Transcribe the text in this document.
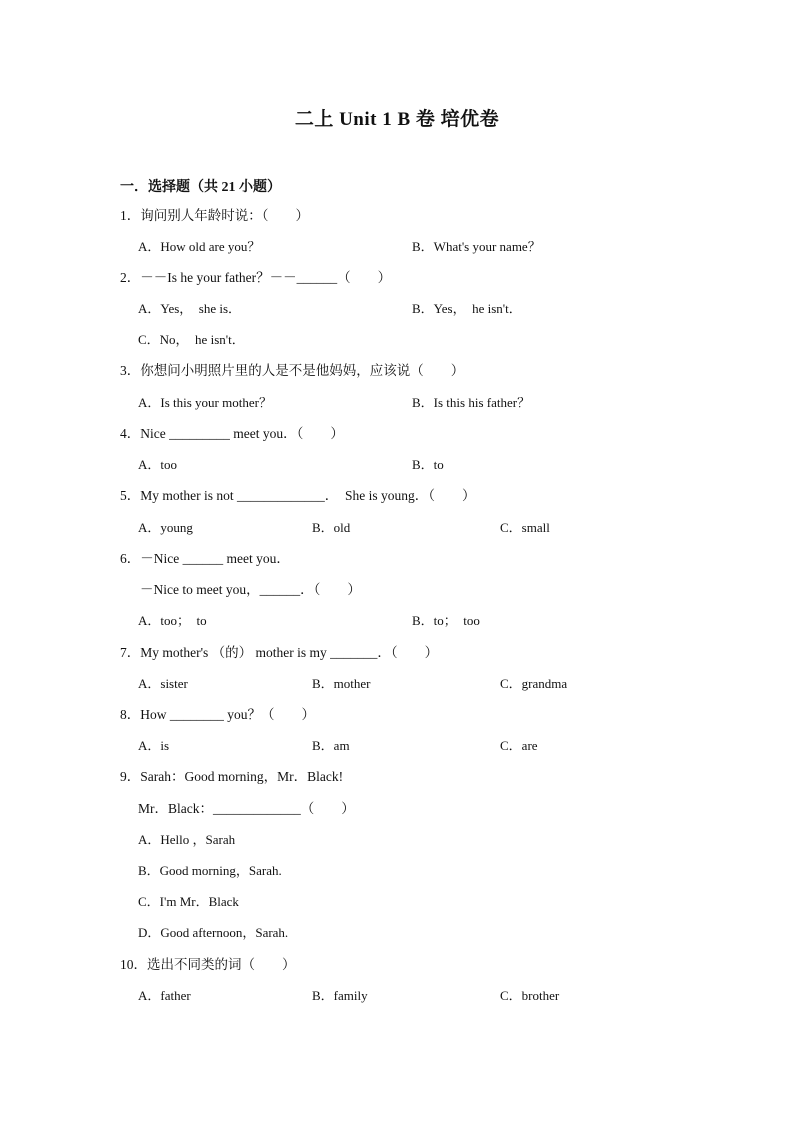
二上 Unit 1 B 卷 培优卷
一．选择题（共 21 小题）
1．询问别人年龄时说：（　　）
A．How old are you？	B．What's your name？
2．－－Is he your father？－－______（　　）
A．Yes，  she is．	B．Yes，  he isn't．
C．No，  he isn't．
3．你想问小明照片里的人是不是他妈妈，应该说（　　）
A．Is this your mother？	B．Is this his father？
4．Nice _________ meet you．（　　）
A．too	B．to
5．My mother is not _____________．  She is young．（　　）
A．young	B．old	C．small
6．－Nice ______ meet you．
－Nice to meet you，______．（　　）
A．too；  to	B．to；  too
7．My mother's （的） mother is my _______．（　　）
A．sister	B．mother	C．grandma
8．How ________ you？（　　）
A．is	B．am	C．are
9．Sarah：Good morning，Mr．Black!
Mr．Black：_____________（　　）
A．Hello ，Sarah
B．Good morning，Sarah.
C．I'm Mr．Black
D．Good afternoon，Sarah.
10．选出不同类的词（　　）
A．father	B．family	C．brother
